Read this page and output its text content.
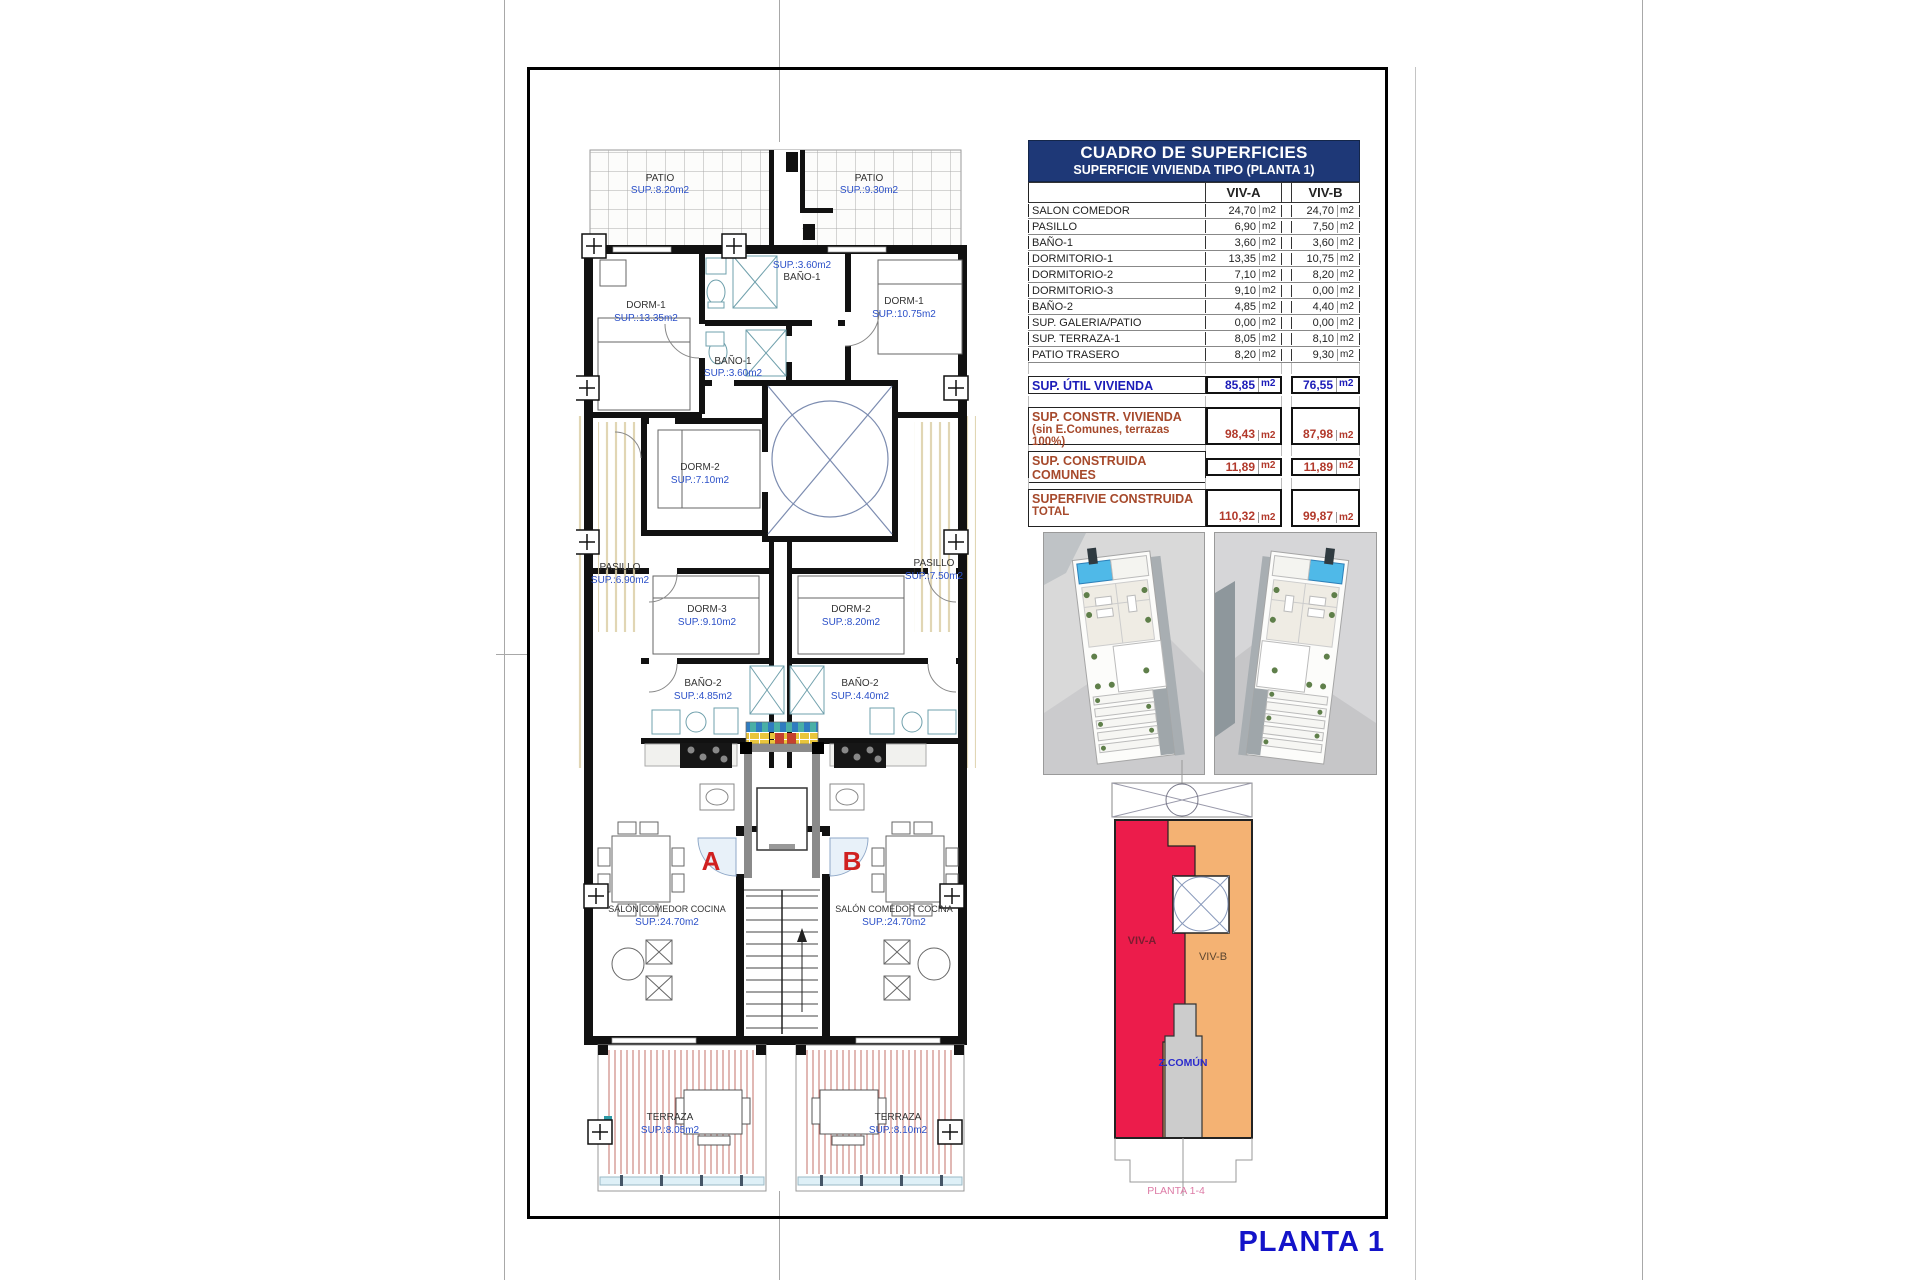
PATIO
SUP.:8.20m2
PATIO
SUP.:9.30m2
SUP.:3.60m2
BAÑO-1
DORM-1
SUP.:13.35m2
DORM-1
SUP.:10.75m2
BAÑO-1
SUP.:3.60m2
DORM-2
SUP.:7.10m2
PASILLO
SUP.:6.90m2
PASILLO
SUP.:7.50m2
DORM-3
SUP.:9.10m2
DORM-2
SUP.:8.20m2
BAÑO-2
SUP.:4.85m2
BAÑO-2
SUP.:4.40m2
SALÓN COMEDOR COCINA
SUP.:24.70m2
SALÓN COMEDOR COCINA
SUP.:24.70m2
TERRAZA
SUP.:8.05m2
TERRAZA
SUP.:8.10m2
A	B
CUADRO DE SUPERFICIES
SUPERFICIE VIVIENDA TIPO (PLANTA 1)
VIV-A	VIV-B
SALON COMEDOR	24,70 m2	24,70 m2
PASILLO	6,90 m2	7,50 m2
BAÑO-1	3,60 m2	3,60 m2
DORMITORIO-1	13,35 m2	10,75 m2
DORMITORIO-2	7,10 m2	8,20 m2
DORMITORIO-3	9,10 m2	0,00 m2
BAÑO-2	4,85 m2	4,40 m2
SUP. GALERIA/PATIO	0,00 m2	0,00 m2
SUP. TERRAZA-1	8,05 m2	8,10 m2
PATIO TRASERO	8,20 m2	9,30 m2
SUP. ÚTIL VIVIENDA	85,85 m2	76,55 m2
SUP. CONSTR. VIVIENDA
(sin E.Comunes, terrazas 100%)
98,43 m2	87,98 m2
SUP. CONSTRUIDA COMUNES
11,89 m2	11,89 m2
SUPERFIVIE CONSTRUIDA
TOTAL	110,32 m2	99,87 m2
VIV-A
VIV-B
Z.COMÚN
PLANTA 1-4
PLANTA 1
